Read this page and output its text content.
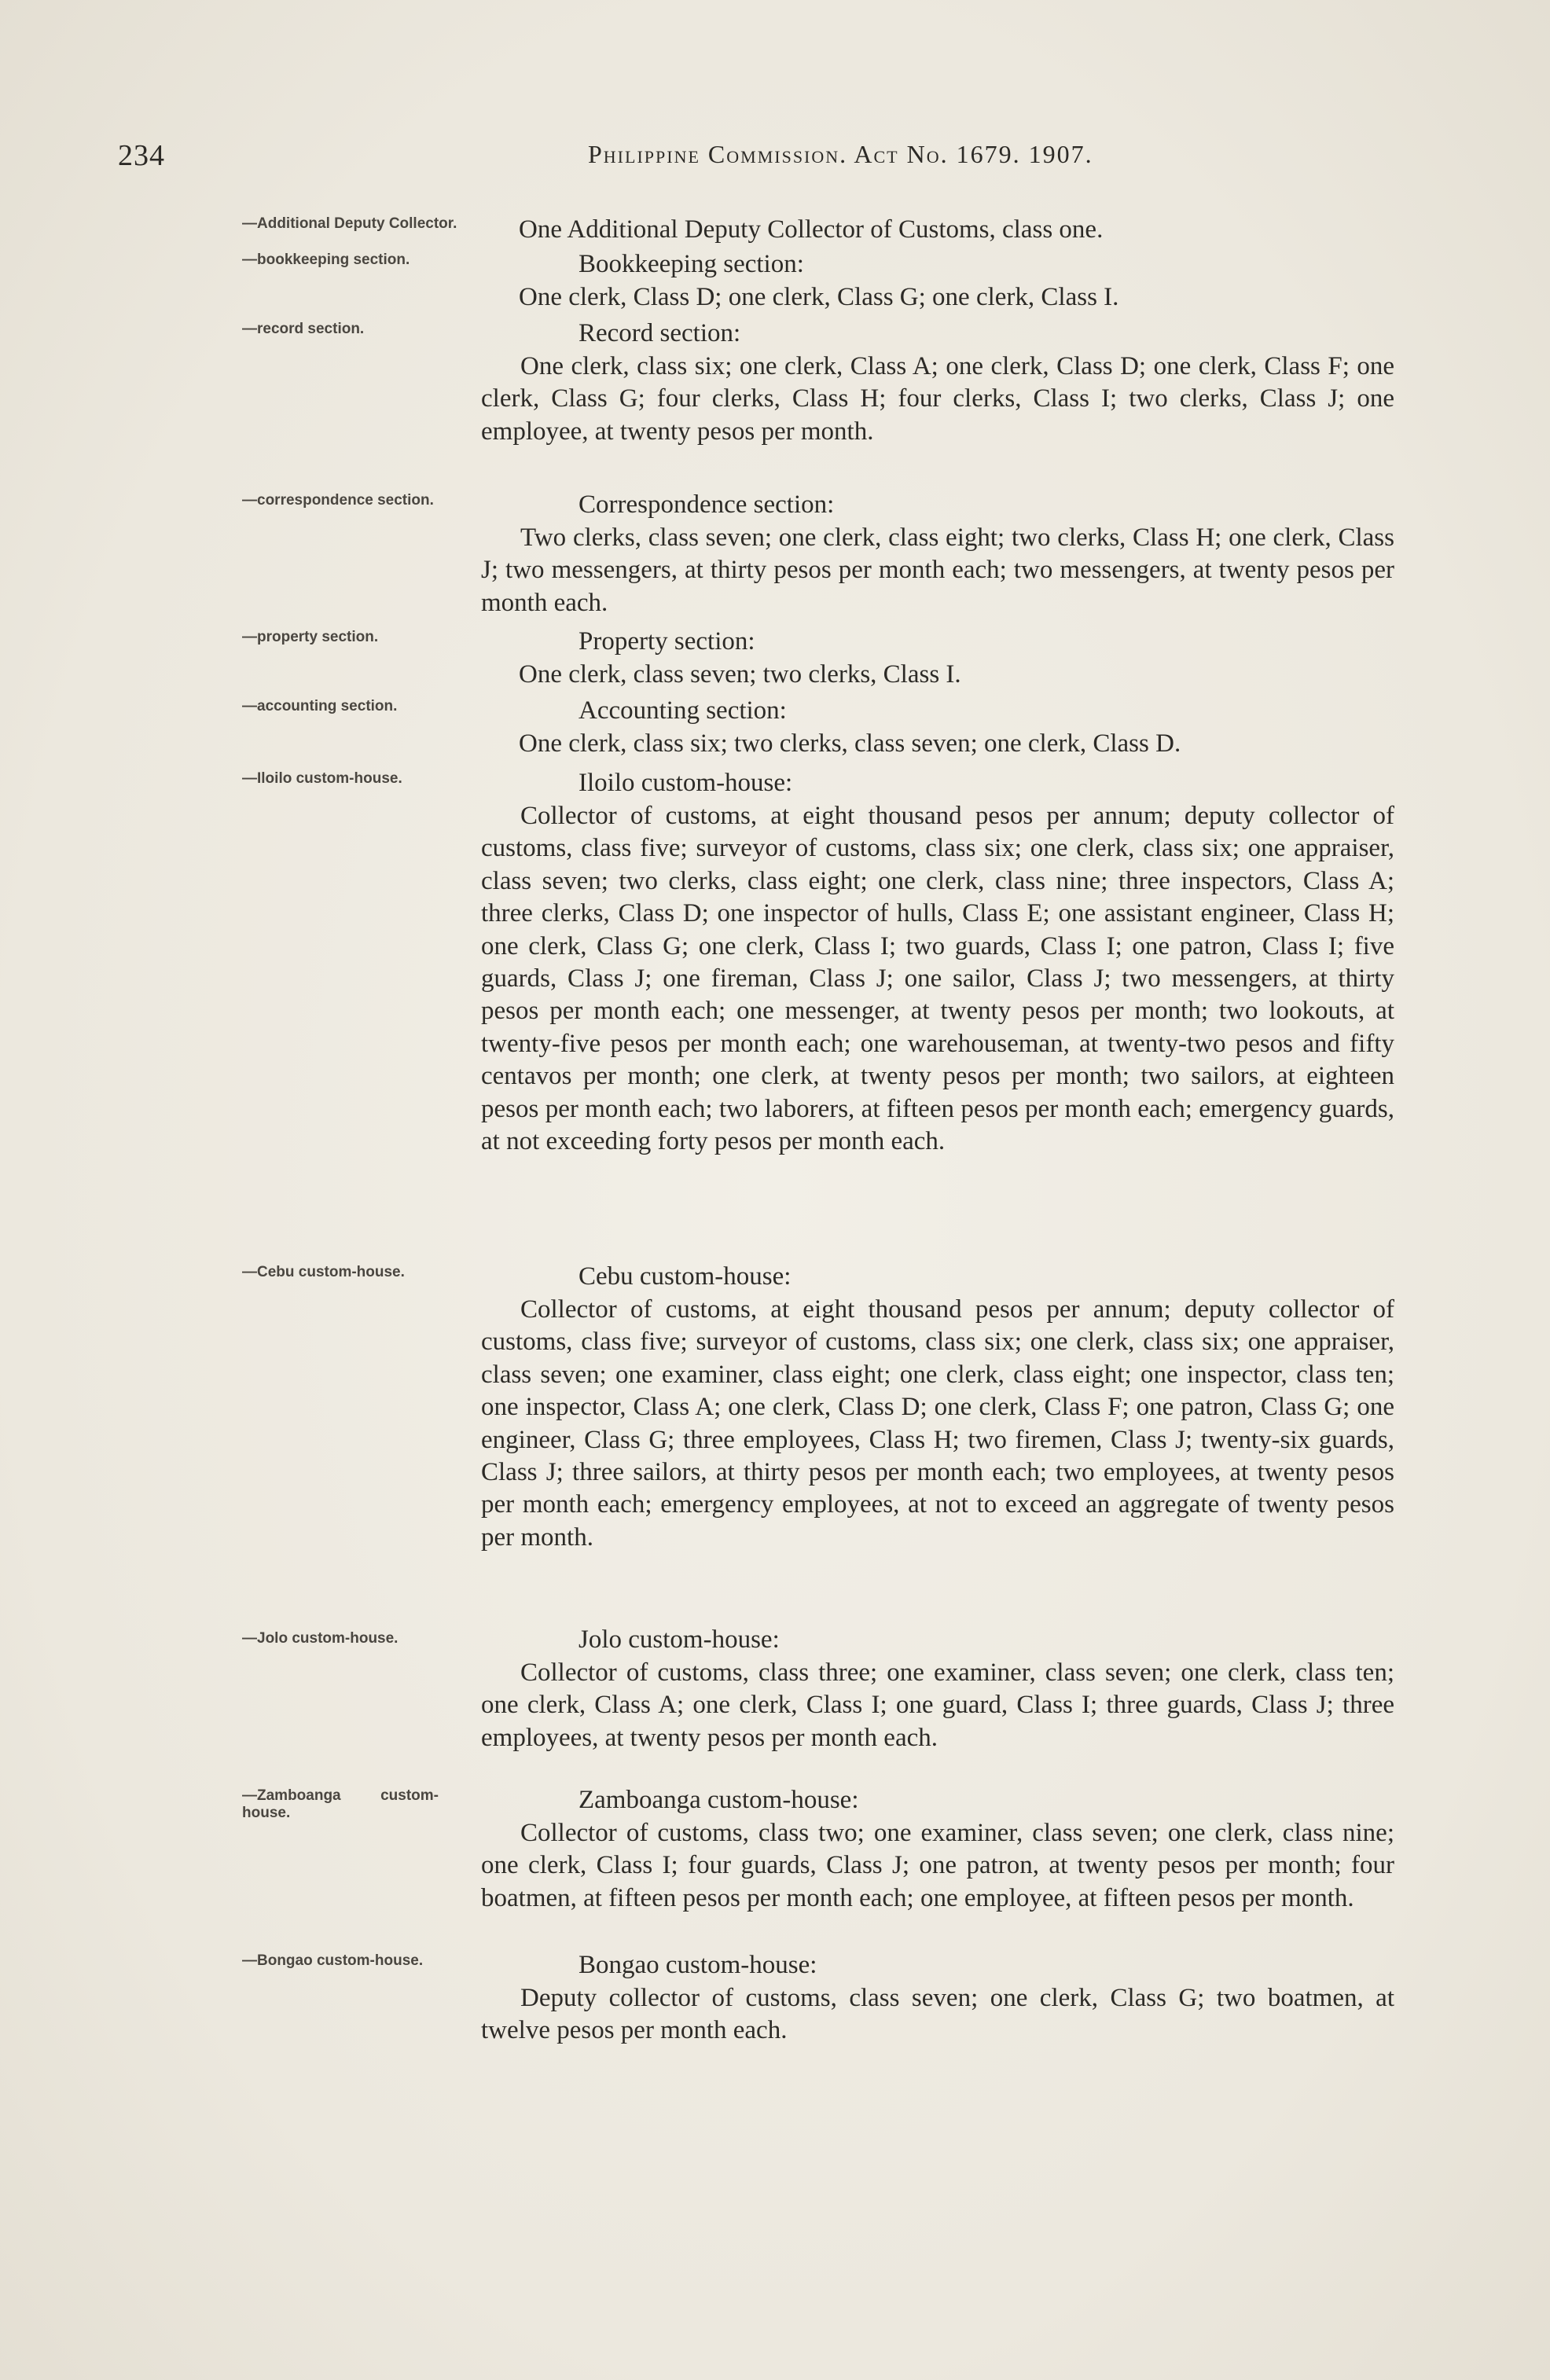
234	Philippine Commission. Act No. 1679. 1907.
—Additional Deputy Collector. One Additional Deputy Collector of Customs, class one.
—bookkeeping section.	Bookkeeping section:
One clerk, Class D; one clerk, Class G; one clerk, Class I.
—record section.	Record section:
One clerk, class six; one clerk, Class A; one clerk, Class D; one clerk, Class F; one clerk, Class G; four clerks, Class H; four clerks, Class I; two clerks, Class J; one employee, at twenty pesos per month.
—correspondence section.	Correspondence section:
Two clerks, class seven; one clerk, class eight; two clerks, Class H; one clerk, Class J; two messengers, at thirty pesos per month each; two messengers, at twenty pesos per month each.
—property section.	Property section:
One clerk, class seven; two clerks, Class I.
—accounting section.	Accounting section:
One clerk, class six; two clerks, class seven; one clerk, Class D.
—Iloilo custom-house.	Iloilo custom-house:
Collector of customs, at eight thousand pesos per annum; deputy collector of customs, class five; surveyor of customs, class six; one clerk, class six; one appraiser, class seven; two clerks, class eight; one clerk, class nine; three inspectors, Class A; three clerks, Class D; one inspector of hulls, Class E; one assistant engineer, Class H; one clerk, Class G; one clerk, Class I; two guards, Class I; one patron, Class I; five guards, Class J; one fireman, Class J; one sailor, Class J; two messengers, at thirty pesos per month each; one messenger, at twenty pesos per month; two lookouts, at twenty-five pesos per month each; one warehouseman, at twenty-two pesos and fifty centavos per month; one clerk, at twenty pesos per month; two sailors, at eighteen pesos per month each; two laborers, at fifteen pesos per month each; emergency guards, at not exceeding forty pesos per month each.
—Cebu custom-house.	Cebu custom-house:
Collector of customs, at eight thousand pesos per annum; deputy collector of customs, class five; surveyor of customs, class six; one clerk, class six; one appraiser, class seven; one examiner, class eight; one clerk, class eight; one inspector, class ten; one inspector, Class A; one clerk, Class D; one clerk, Class F; one patron, Class G; one engineer, Class G; three employees, Class H; two firemen, Class J; twenty-six guards, Class J; three sailors, at thirty pesos per month each; two employees, at twenty pesos per month each; emergency employees, at not to exceed an aggregate of twenty pesos per month.
—Jolo custom-house.	Jolo custom-house:
Collector of customs, class three; one examiner, class seven; one clerk, class ten; one clerk, Class A; one clerk, Class I; one guard, Class I; three guards, Class J; three employees, at twenty pesos per month each.
—Zamboanga custom-house.	Zamboanga custom-house:
Collector of customs, class two; one examiner, class seven; one clerk, class nine; one clerk, Class I; four guards, Class J; one patron, at twenty pesos per month; four boatmen, at fifteen pesos per month each; one employee, at fifteen pesos per month.
—Bongao custom-house.	Bongao custom-house:
Deputy collector of customs, class seven; one clerk, Class G; two boatmen, at twelve pesos per month each.
